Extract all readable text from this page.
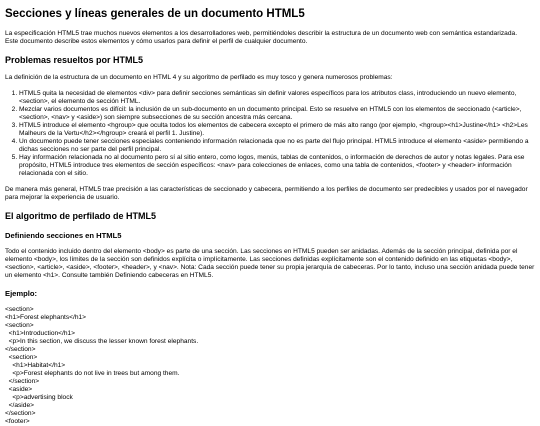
Secciones y líneas generales de un documento HTML5

La especificación HTML5 trae muchos nuevos elementos a los desarrolladores web, permitiéndoles describir la estructura de un documento web con semántica estandarizada.
Este documento describe estos elementos y cómo usarlos para definir el perfil de cualquier documento.

Problemas resueltos por HTML5

La definición de la estructura de un documento en HTML 4 y su algoritmo de perfilado es muy tosco y genera numerosos problemas:

1. HTML5 quita la necesidad de elementos <div> para definir secciones semánticas sin definir valores específicos para los atributos class, introduciendo un nuevo elemento, <section>, el elemento de sección HTML.
2. Mezclar varios documentos es difícil: la inclusión de un sub-documento en un documento principal. Esto se resuelve en HTML5 con los elementos de seccionado (<article>, <section>, <nav> y <aside>) son siempre subsecciones de su sección ancestra más cercana.
3. HTML5 introduce el elemento <hgroup> que oculta todos los elementos de cabecera excepto el primero de más alto rango (por ejemplo, <hgroup><h1>Justine</h1> <h2>Les Malheurs de la Vertu</h2></hgroup> creará el perfil 1. Justine).
4. Un documento puede tener secciones especiales conteniendo información relacionada que no es parte del flujo principal. HTML5 introduce el elemento <aside> permitiendo a dichas secciones no ser parte del perfil principal.
5. Hay información relacionada no al documento pero sí al sitio entero, como logos, menús, tablas de contenidos, o información de derechos de autor y notas legales. Para ese propósito, HTML5 introduce tres elementos de sección específicos: <nav> para colecciones de enlaces, como una tabla de contenidos, <footer> y <header> información relacionada con el sitio.

De manera más general, HTML5 trae precisión a las características de seccionado y cabecera, permitiendo a los perfiles de documento ser predecibles y usados por el navegador para mejorar la experiencia de usuario.

El algoritmo de perfilado de HTML5
Definiendo secciones en HTML5

Todo el contenido incluido dentro del elemento <body> es parte de una sección. Las secciones en HTML5 pueden ser anidadas. Además de la sección principal, definida por el elemento <body>, los límites de la sección son definidos explícita o implícitamente. Las secciones definidas explícitamente son el contenido definido en las etiquetas <body>, <section>, <article>, <aside>, <footer>, <header>, y <nav>. Nota: Cada sección puede tener su propia jerarquía de cabeceras. Por lo tanto, incluso una sección anidada puede tener un elemento <h1>. Consulte también Definiendo cabeceras en HTML5.

Ejemplo:
<section>
<h1>Forest elephants</h1>
<section>
<h1>Introduction</h1>
<p>In this section, we discuss the lesser known forest elephants.
</section>
<section>
<h1>Habitat</h1>
<p>Forest elephants do not live in trees but among them.
</section>
<aside>
<p>advertising block
</aside>
</section>
<footer>
